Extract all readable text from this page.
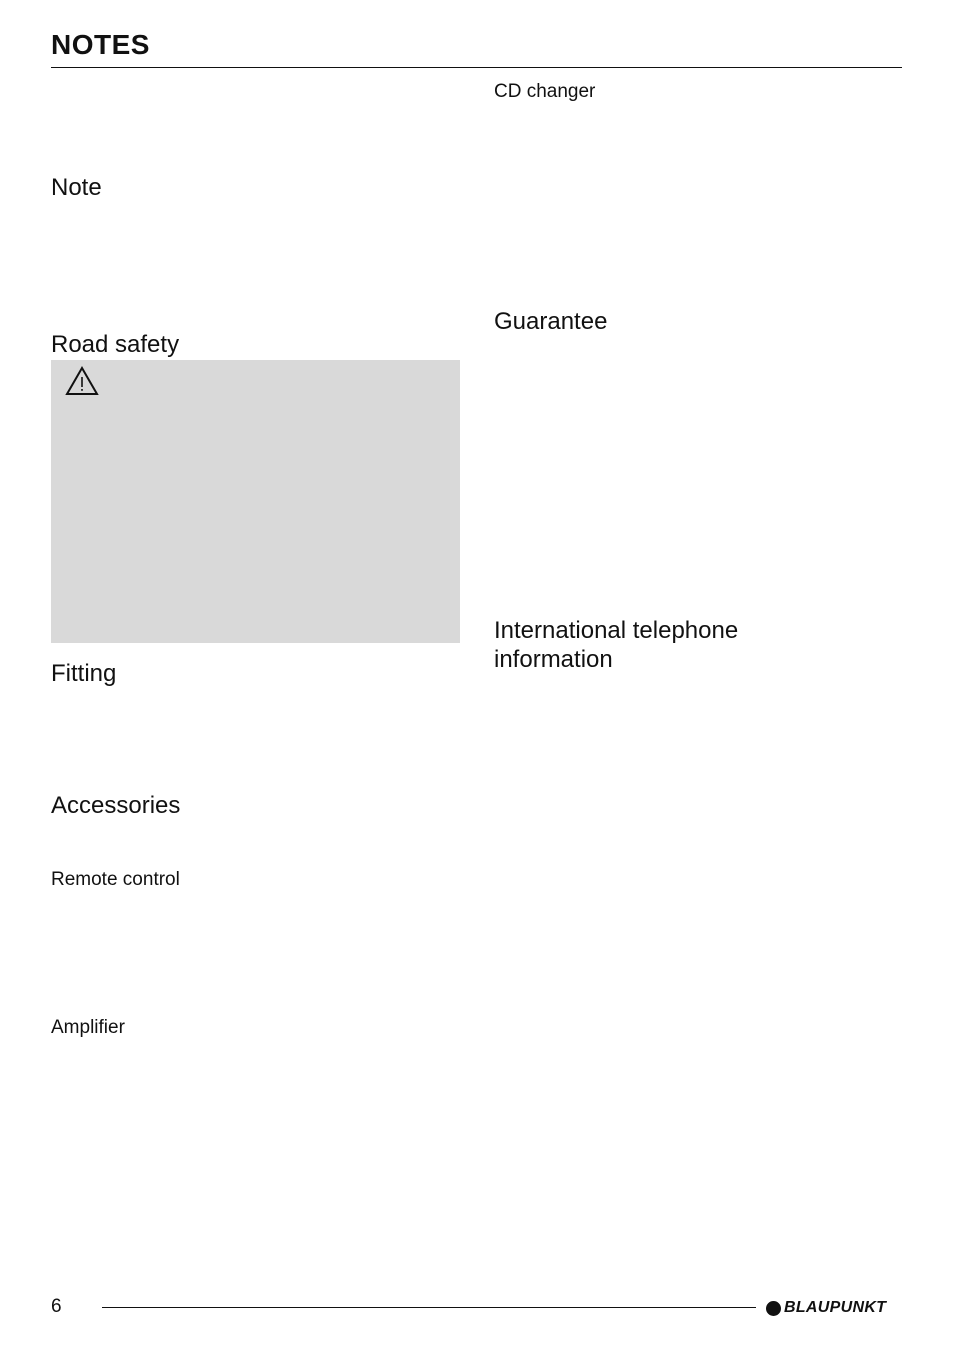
NOTES
Note
Road safety
Fitting
Accessories
Remote control
Amplifier
CD changer
Guarantee
International telephone
information
6	BLAUPUNKT
